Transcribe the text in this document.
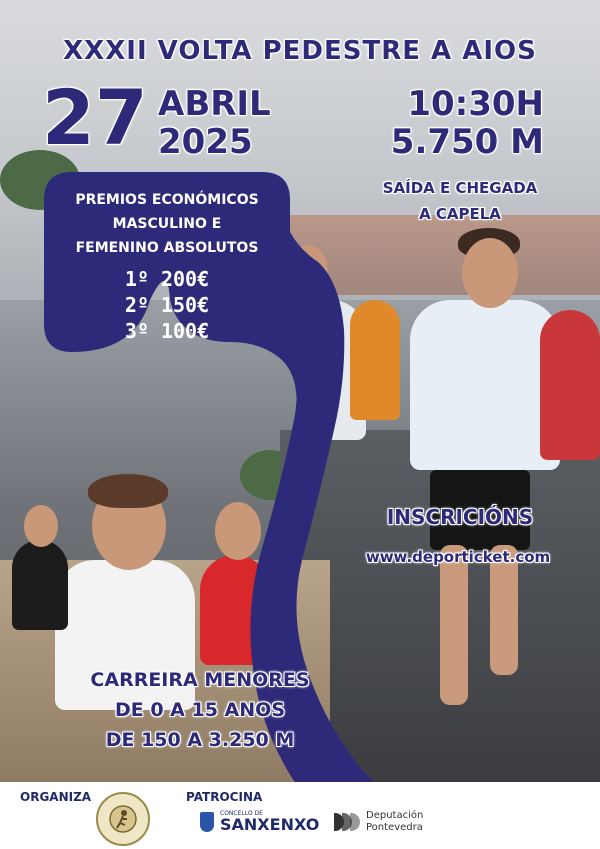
XXXII VOLTA PEDESTRE A AIOS
27 ABRIL
2025
10:30H
5.750 M
SAÍDA E CHEGADA
A CAPELA
PREMIOS ECONÓMICOS
MASCULINO E
FEMENINO ABSOLUTOS
1º 200€
2º 150€
3º 100€
INSCRICIÓNS
www.deporticket.com
CARREIRA MENORES
DE 0 A 15 ANOS
DE 150 A 3.250 M
ORGANIZA	PATROCINA
CONCELLO DE
SANXENXO	Deputación
Pontevedra
